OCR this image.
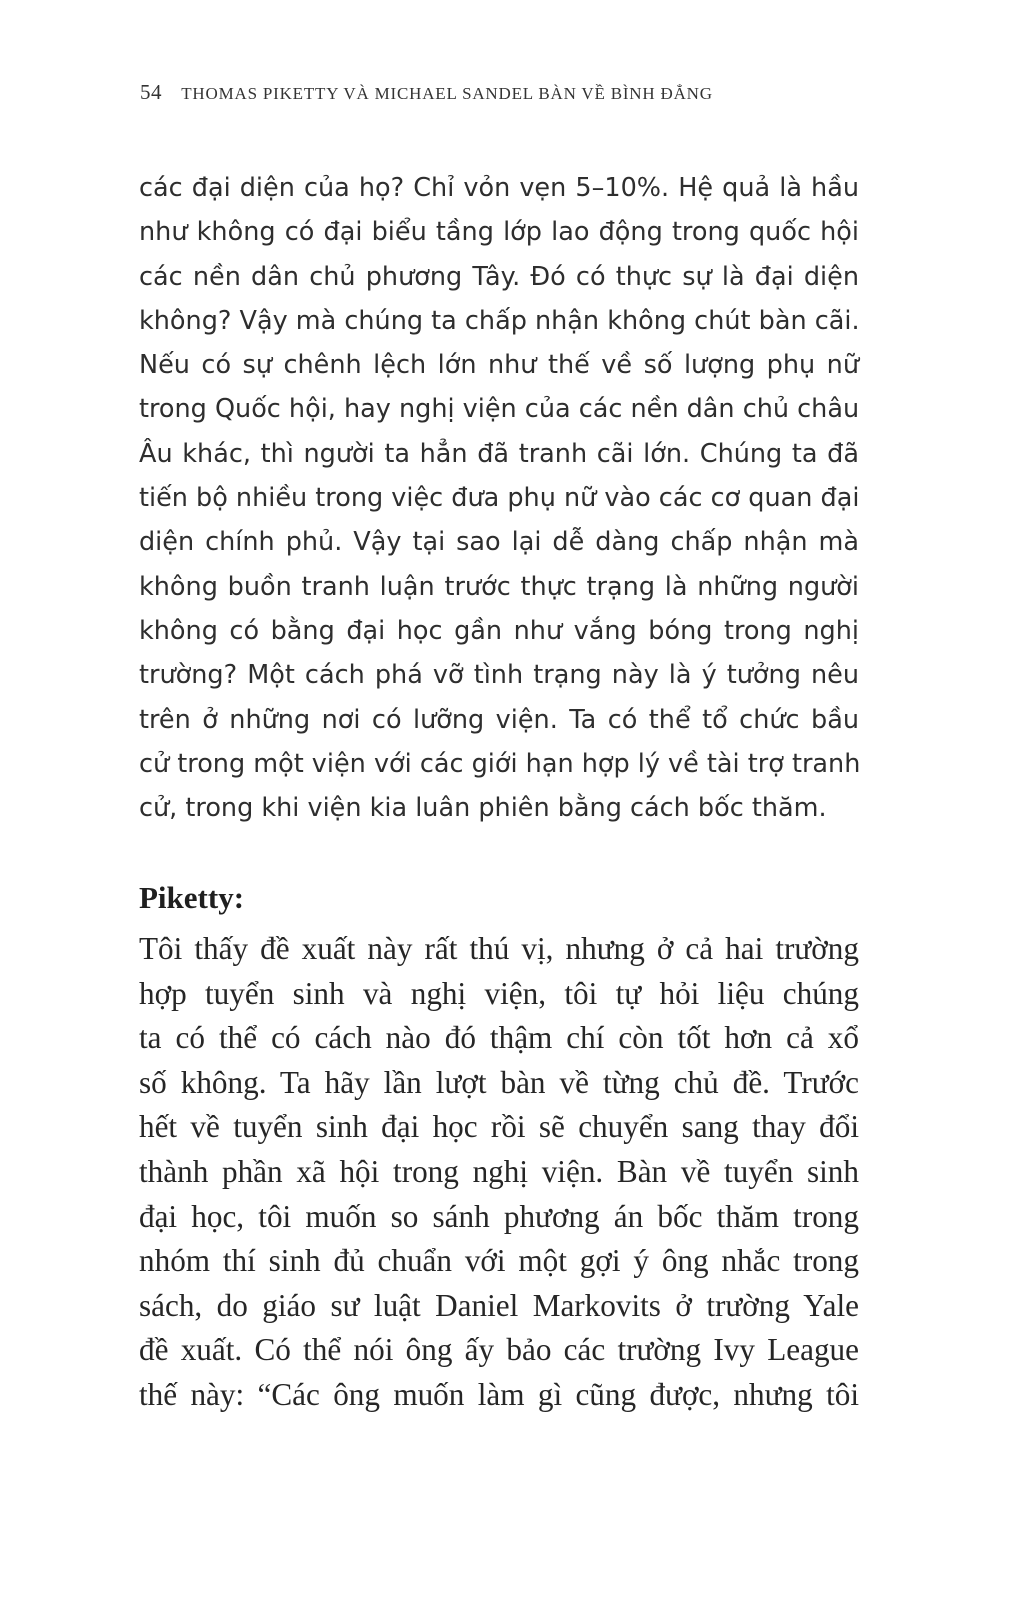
54 THOMAS PIKETTY VÀ MICHAEL SANDEL BÀN VỀ BÌNH ĐẲNG
các đại diện của họ? Chỉ vỏn vẹn 5–10%. Hệ quả là hầu
như không có đại biểu tầng lớp lao động trong quốc hội
các nền dân chủ phương Tây. Đó có thực sự là đại diện
không? Vậy mà chúng ta chấp nhận không chút bàn cãi.
Nếu có sự chênh lệch lớn như thế về số lượng phụ nữ
trong Quốc hội, hay nghị viện của các nền dân chủ châu
Âu khác, thì người ta hẳn đã tranh cãi lớn. Chúng ta đã
tiến bộ nhiều trong việc đưa phụ nữ vào các cơ quan đại
diện chính phủ. Vậy tại sao lại dễ dàng chấp nhận mà
không buồn tranh luận trước thực trạng là những người
không có bằng đại học gần như vắng bóng trong nghị
trường? Một cách phá vỡ tình trạng này là ý tưởng nêu
trên ở những nơi có lưỡng viện. Ta có thể tổ chức bầu
cử trong một viện với các giới hạn hợp lý về tài trợ tranh
cử, trong khi viện kia luân phiên bằng cách bốc thăm.
Piketty:
Tôi thấy đề xuất này rất thú vị, nhưng ở cả hai trường
hợp tuyển sinh và nghị viện, tôi tự hỏi liệu chúng
ta có thể có cách nào đó thậm chí còn tốt hơn cả xổ
số không. Ta hãy lần lượt bàn về từng chủ đề. Trước
hết về tuyển sinh đại học rồi sẽ chuyển sang thay đổi
thành phần xã hội trong nghị viện. Bàn về tuyển sinh
đại học, tôi muốn so sánh phương án bốc thăm trong
nhóm thí sinh đủ chuẩn với một gợi ý ông nhắc trong
sách, do giáo sư luật Daniel Markovits ở trường Yale
đề xuất. Có thể nói ông ấy bảo các trường Ivy League
thế này: “Các ông muốn làm gì cũng được, nhưng tôi
